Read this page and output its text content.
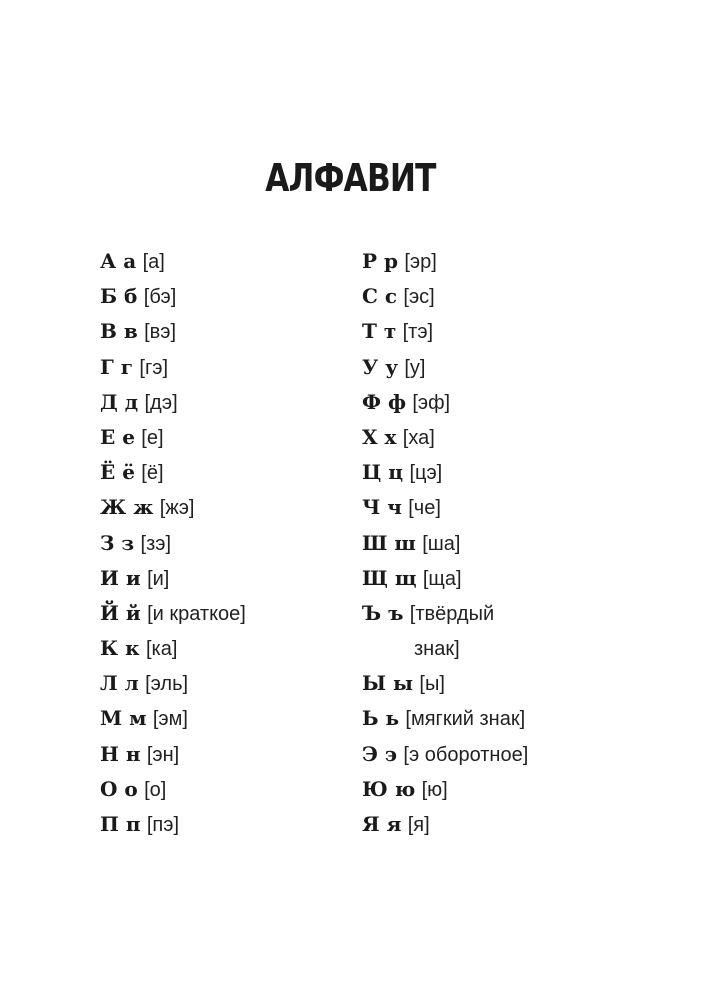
АЛФАВИТ
А а [а]
Б б [бэ]
В в [вэ]
Г г [гэ]
Д д [дэ]
Е е [е]
Ё ё [ё]
Ж ж [жэ]
З з [зэ]
И и [и]
Й й [и краткое]
К к [ка]
Л л [эль]
М м [эм]
Н н [эн]
О о [о]
П п [пэ]
Р р [эр]
С с [эс]
Т т [тэ]
У у [у]
Ф ф [эф]
Х х [ха]
Ц ц [цэ]
Ч ч [че]
Ш ш [ша]
Щ щ [ща]
Ъ ъ [твёрдый
знак]
Ы ы [ы]
Ь ь [мягкий знак]
Э э [э оборотное]
Ю ю [ю]
Я я [я]
